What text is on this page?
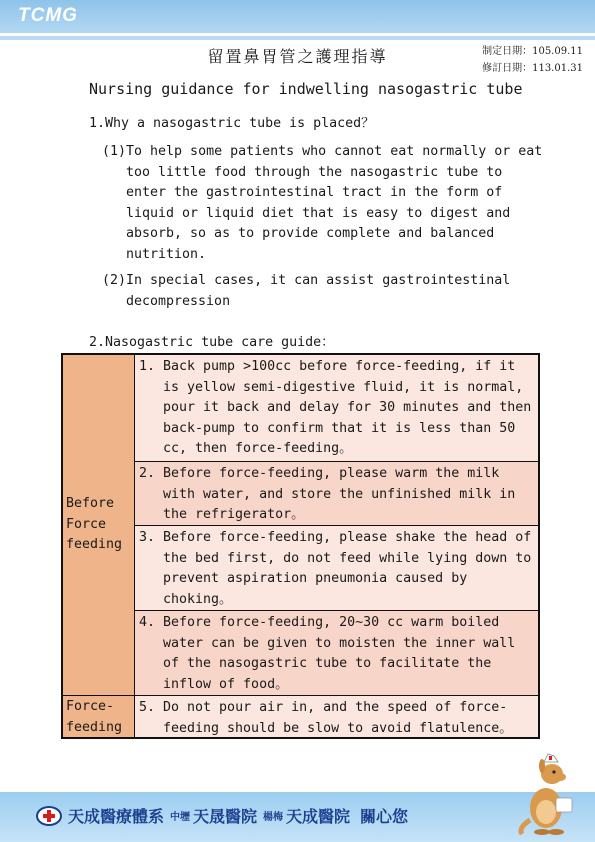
TCMG
留置鼻胃管之護理指導	制定日期：105.09.11
修訂日期：113.01.31
Nursing guidance for indwelling nasogastric tube
1.Why a nasogastric tube is placed？
(1)To help some patients who cannot eat normally or eat too little food through the nasogastric tube to enter the gastrointestinal tract in the form of liquid or liquid diet that is easy to digest and absorb, so as to provide complete and balanced nutrition.
(2)In special cases, it can assist gastrointestinal decompression
2.Nasogastric tube care guide：
Before Force feeding
Force- feeding
1. Back pump >100cc before force-feeding, if it is yellow semi-digestive fluid, it is normal, pour it back and delay for 30 minutes and then back-pump to confirm that it is less than 50 cc, then force-feeding。
2. Before force-feeding, please warm the milk with water, and store the unfinished milk in the refrigerator。
3. Before force-feeding, please shake the head of the bed first, do not feed while lying down to prevent aspiration pneumonia caused by choking。
4. Before force-feeding, 20~30 cc warm boiled water can be given to moisten the inner wall of the nasogastric tube to facilitate the inflow of food。
5. Do not pour air in, and the speed of force-feeding should be slow to avoid flatulence。
天成醫療體系 中壢 天晟醫院 楊梅 天成醫院 關心您
